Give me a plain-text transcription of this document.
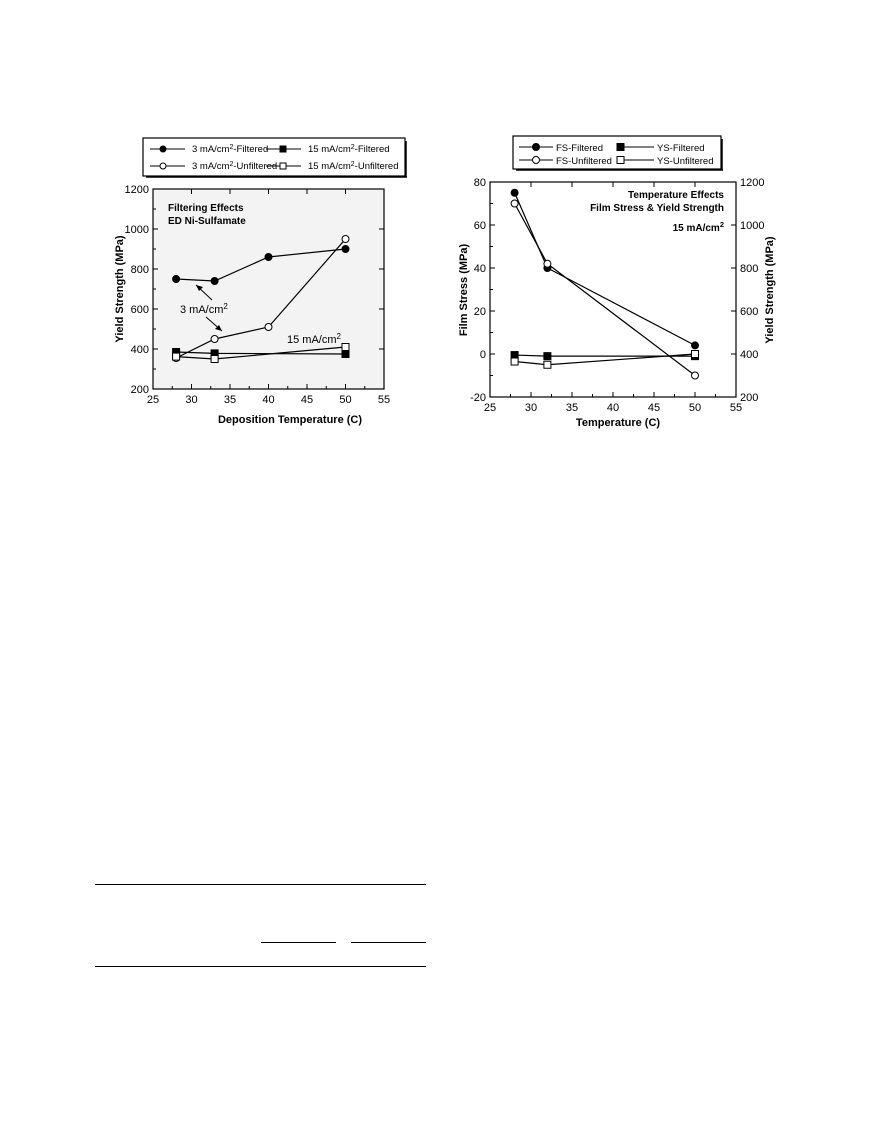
3 $mA/cm^2$-Filtered	15 $mA/cm^2$-Filtered
3 $mA/cm^2$-Unfiltered	15 $mA/cm^2$-Unfiltered
25 30 35 40 45 50 55
200
400
600
800
1000
1200
Filtering Effects
ED Ni-Sulfamate
3 $mA/cm^2$
15 $mA/cm^2$
Deposition Temperature (C)
Yield Strength (MPa)
FS-Filtered	YS-Filtered
FS-Unfiltered	YS-Unfiltered
25	30	35	40	45	50	55
-20
0
20
40
60
80
200
400
600
800
1000
1200
Temperature Effects
Film Stress & Yield Strength
15 $mA/cm^2$
Temperature (C)
Film Stress (MPa)	Yield Strength (MPa)
